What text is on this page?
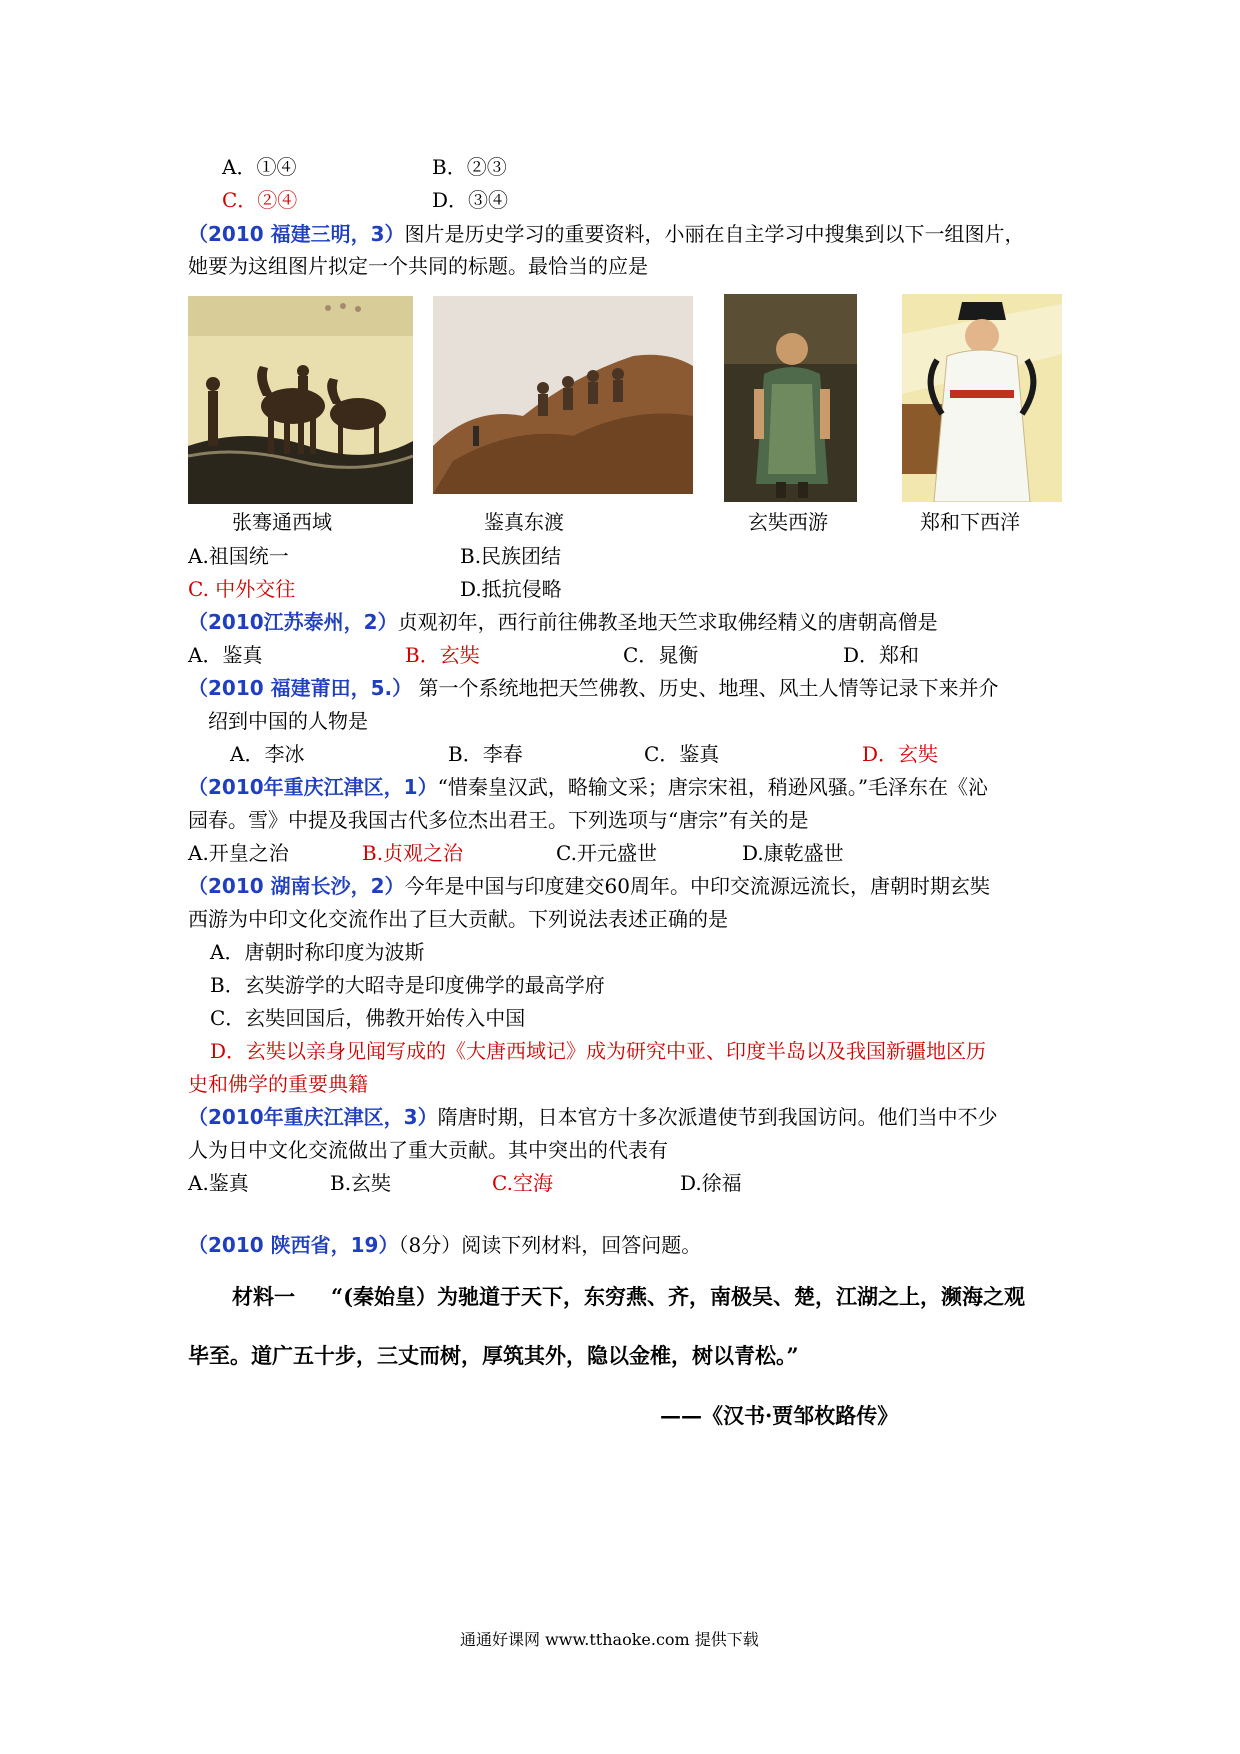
A．①④	B．②③
C．②④	D．③④
（2010 福建三明，3）图片是历史学习的重要资料，小丽在自主学习中搜集到以下一组图片，
她要为这组图片拟定一个共同的标题。最恰当的应是
张骞通西域	鉴真东渡	玄奘西游	郑和下西洋
A.祖国统一	B.民族团结
C. 中外交往	D.抵抗侵略
（2010江苏泰州，2）贞观初年，西行前往佛教圣地天竺求取佛经精义的唐朝高僧是
A．鉴真	B．玄奘	C．晁衡	D．郑和
（2010 福建莆田，5.） 第一个系统地把天竺佛教、历史、地理、风土人情等记录下来并介
绍到中国的人物是
A．李冰	B．李春	C．鉴真	D．玄奘
（2010年重庆江津区，1）“惜秦皇汉武，略输文采；唐宗宋祖，稍逊风骚。”毛泽东在《沁
园春。雪》中提及我国古代多位杰出君王。下列选项与“唐宗”有关的是
A.开皇之治	B.贞观之治	C.开元盛世	D.康乾盛世
（2010 湖南长沙，2）今年是中国与印度建交60周年。中印交流源远流长，唐朝时期玄奘
西游为中印文化交流作出了巨大贡献。下列说法表述正确的是
A．唐朝时称印度为波斯
B．玄奘游学的大昭寺是印度佛学的最高学府
C．玄奘回国后，佛教开始传入中国
D．玄奘以亲身见闻写成的《大唐西域记》成为研究中亚、印度半岛以及我国新疆地区历
史和佛学的重要典籍
（2010年重庆江津区，3）隋唐时期，日本官方十多次派遣使节到我国访问。他们当中不少
人为日中文化交流做出了重大贡献。其中突出的代表有
A.鉴真	B.玄奘	C.空海	D.徐福
（2010 陕西省，19）（8分）阅读下列材料，回答问题。
材料一 “(秦始皇）为驰道于天下，东穷燕、齐，南极吴、楚，江湖之上，濒海之观
毕至。道广五十步，三丈而树，厚筑其外，隐以金椎，树以青松。”
——《汉书·贾邹枚路传》
通通好课网 www.tthaoke.com 提供下载
